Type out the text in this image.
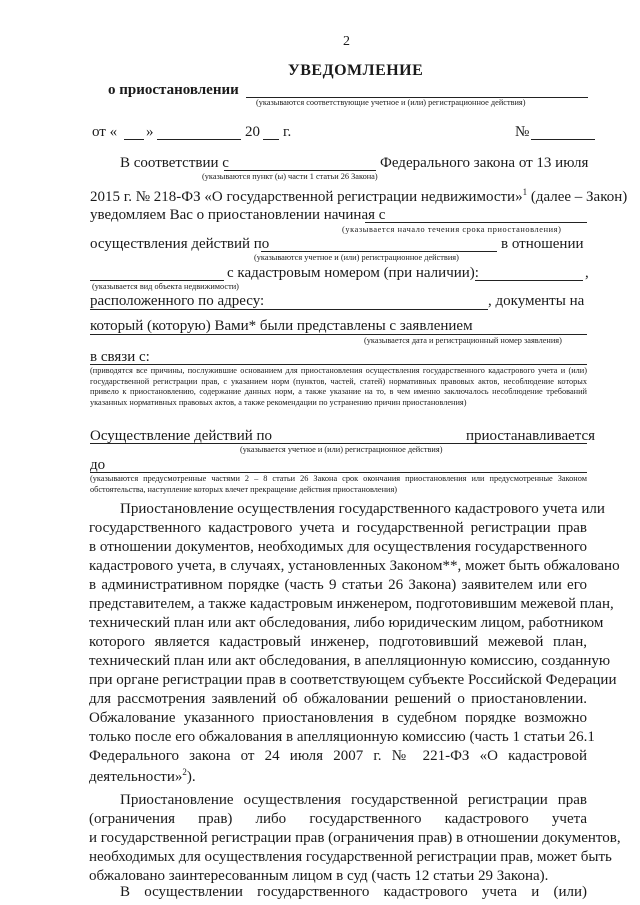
2
УВЕДОМЛЕНИЕ
о приостановлении
(указываются соответствующие учетное и (или) регистрационное действия)
от « »	20 г.	№
В соответствии с	Федерального закона от 13 июля
(указываются пункт (ы) части 1 статьи 26 Закона)
2015 г. № 218-ФЗ «О государственной регистрации недвижимости»$^1$ (далее – Закон)
уведомляем Вас о приостановлении начиная с
(указывается начало течения срока приостановления)
осуществления действий по	в отношении
(указываются учетное и (или) регистрационное действия)
с кадастровым номером (при наличии):	,
(указывается вид объекта недвижимости)
расположенного по адресу:	, документы на
который (которую) Вами* были представлены с заявлением
(указывается дата и регистрационный номер заявления)
в связи с:
(приводятся все причины, послужившие основанием для приостановления осуществления государственного кадастрового учета и (или) государственной регистрации прав, с указанием норм (пунктов, частей, статей) нормативных правовых актов, несоблюдение которых привело к приостановлению, содержание данных норм, а также указание на то, в чем именно заключалось несоблюдение требований указанных нормативных правовых актов, а также рекомендации по устранению причин приостановления)
Осуществление действий по	приостанавливается
(указывается учетное и (или) регистрационное действия)
до
(указываются предусмотренные частями 2 – 8 статьи 26 Закона срок окончания приостановления или предусмотренные Законом обстоятельства, наступление которых влечет прекращение действия приостановления)
Приостановление осуществления государственного кадастрового учета или
государственного кадастрового учета и государственной регистрации прав
в отношении документов, необходимых для осуществления государственного
кадастрового учета, в случаях, установленных Законом**, может быть обжаловано
в административном порядке (часть 9 статьи 26 Закона) заявителем или его
представителем, а также кадастровым инженером, подготовившим межевой план,
технический план или акт обследования, либо юридическим лицом, работником
которого является кадастровый инженер, подготовивший межевой план,
технический план или акт обследования, в апелляционную комиссию, созданную
при органе регистрации прав в соответствующем субъекте Российской Федерации
для рассмотрения заявлений об обжаловании решений о приостановлении.
Обжалование указанного приостановления в судебном порядке возможно
только после его обжалования в апелляционную комиссию (часть 1 статьи 26.1
Федерального закона от 24 июля 2007 г. № 221-ФЗ «О кадастровой
деятельности»$^2$).
Приостановление осуществления государственной регистрации прав
(ограничения прав) либо государственного кадастрового учета
и государственной регистрации прав (ограничения прав) в отношении документов,
необходимых для осуществления государственной регистрации прав, может быть
обжаловано заинтересованным лицом в суд (часть 12 статьи 29 Закона).
В осуществлении государственного кадастрового учета и (или)
